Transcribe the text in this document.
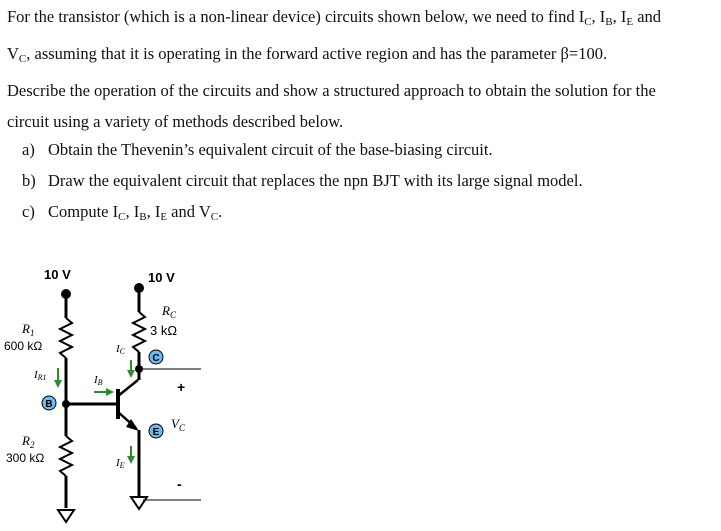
For the transistor (which is a non-linear device) circuits shown below, we need to find $I_C$, $I_B$, $I_E$ and
$V_C$, assuming that it is operating in the forward active region and has the parameter β=100.
Describe the operation of the circuits and show a structured approach to obtain the solution for the
circuit using a variety of methods described below.
a) Obtain the Thevenin’s equivalent circuit of the base-biasing circuit.
b) Draw the equivalent circuit that replaces the npn BJT with its large signal model.
c) Compute $I_C$, $I_B$, $I_E$ and $V_C$.
10 V	10 V
$R_1$
600 kΩ
$R_2$
300 kΩ
IR1
B
IB
$R_C$
3 kΩ
C
IC
+
E
$V_C$
IE
-
